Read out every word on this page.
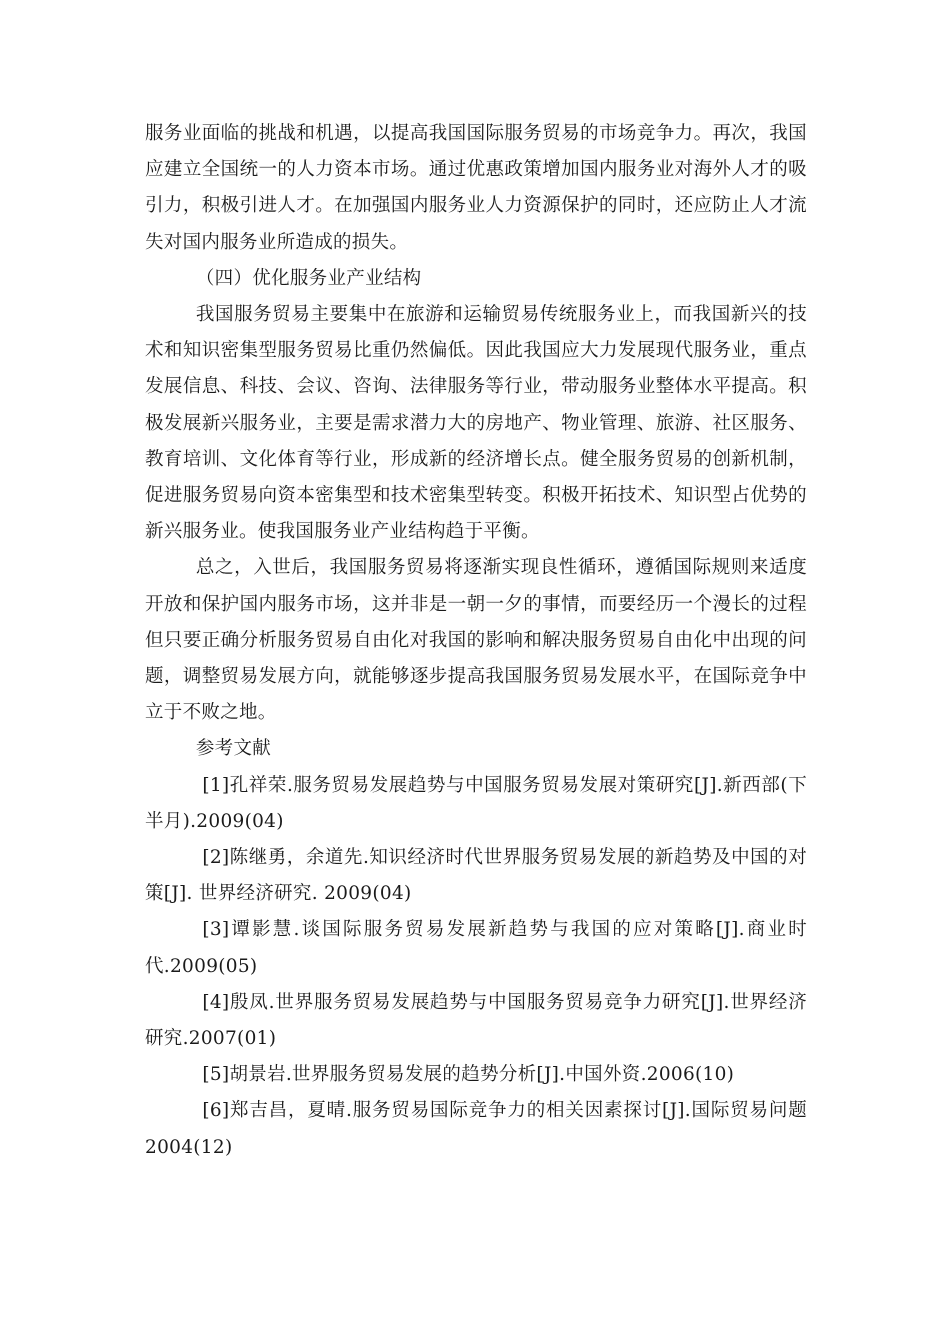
服务业面临的挑战和机遇，以提高我国国际服务贸易的市场竞争力。再次，我国应建立全国统一的人力资本市场。通过优惠政策增加国内服务业对海外人才的吸引力，积极引进人才。在加强国内服务业人力资源保护的同时，还应防止人才流失对国内服务业所造成的损失。

（四）优化服务业产业结构

我国服务贸易主要集中在旅游和运输贸易传统服务业上，而我国新兴的技术和知识密集型服务贸易比重仍然偏低。因此我国应大力发展现代服务业，重点发展信息、科技、会议、咨询、法律服务等行业，带动服务业整体水平提高。积极发展新兴服务业，主要是需求潜力大的房地产、物业管理、旅游、社区服务、教育培训、文化体育等行业，形成新的经济增长点。健全服务贸易的创新机制，促进服务贸易向资本密集型和技术密集型转变。积极开拓技术、知识型占优势的新兴服务业。使我国服务业产业结构趋于平衡。

总之，入世后，我国服务贸易将逐渐实现良性循环，遵循国际规则来适度开放和保护国内服务市场，这并非是一朝一夕的事情，而要经历一个漫长的过程但只要正确分析服务贸易自由化对我国的影响和解决服务贸易自由化中出现的问题，调整贸易发展方向，就能够逐步提高我国服务贸易发展水平，在国际竞争中立于不败之地。

参考文献

[1]孔祥荣.服务贸易发展趋势与中国服务贸易发展对策研究[J].新西部(下半月).2009(04)

[2]陈继勇，余道先.知识经济时代世界服务贸易发展的新趋势及中国的对策[J]. 世界经济研究. 2009(04)

[3]谭影慧.谈国际服务贸易发展新趋势与我国的应对策略[J].商业时代.2009(05)

[4]殷凤.世界服务贸易发展趋势与中国服务贸易竞争力研究[J].世界经济研究.2007(01)

[5]胡景岩.世界服务贸易发展的趋势分析[J].中国外资.2006(10)

[6]郑吉昌，夏晴.服务贸易国际竞争力的相关因素探讨[J].国际贸易问题2004(12)
